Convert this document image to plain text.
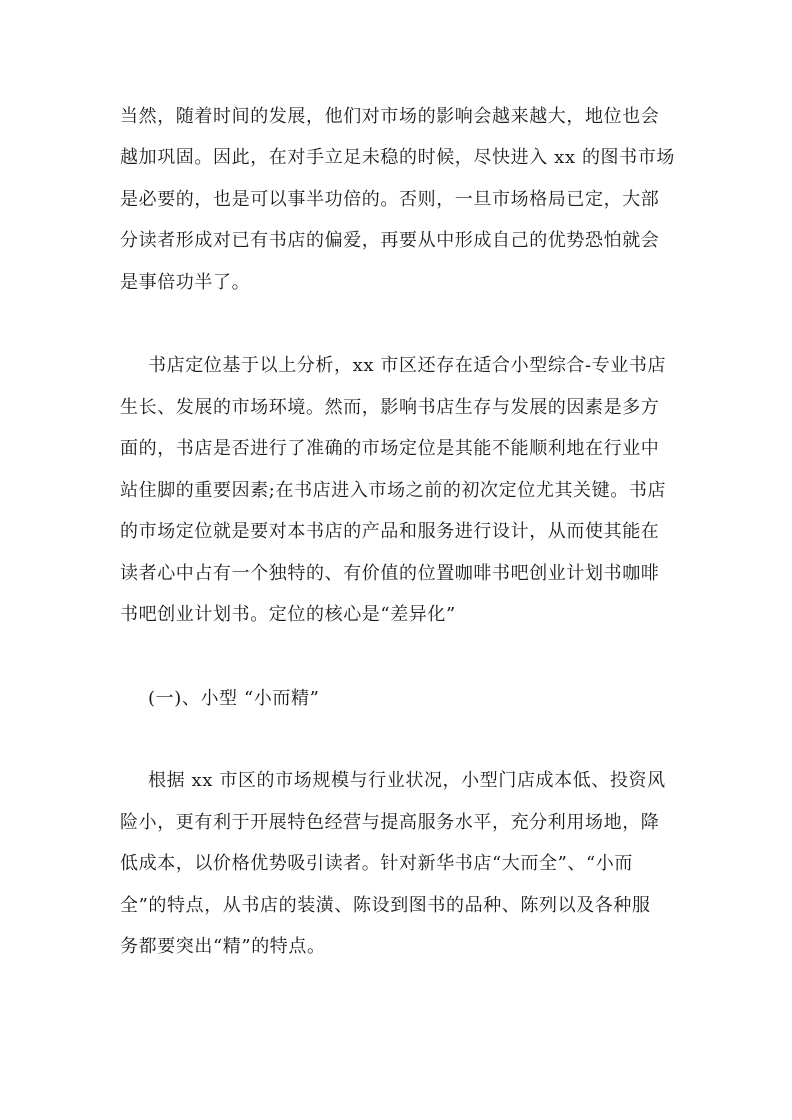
当然，随着时间的发展，他们对市场的影响会越来越大，地位也会
越加巩固。因此，在对手立足未稳的时候，尽快进入 xx 的图书市场
是必要的，也是可以事半功倍的。否则，一旦市场格局已定，大部
分读者形成对已有书店的偏爱，再要从中形成自己的优势恐怕就会
是事倍功半了。
书店定位基于以上分析，xx 市区还存在适合小型综合-专业书店
生长、发展的市场环境。然而，影响书店生存与发展的因素是多方
面的，书店是否进行了准确的市场定位是其能不能顺利地在行业中
站住脚的重要因素;在书店进入市场之前的初次定位尤其关键。书店
的市场定位就是要对本书店的产品和服务进行设计，从而使其能在
读者心中占有一个独特的、有价值的位置咖啡书吧创业计划书咖啡
书吧创业计划书。定位的核心是“差异化”
(一)、小型 “小而精”
根据 xx 市区的市场规模与行业状况，小型门店成本低、投资风
险小，更有利于开展特色经营与提高服务水平，充分利用场地，降
低成本，以价格优势吸引读者。针对新华书店“大而全”、“小而
全”的特点，从书店的装潢、陈设到图书的品种、陈列以及各种服
务都要突出“精”的特点。
